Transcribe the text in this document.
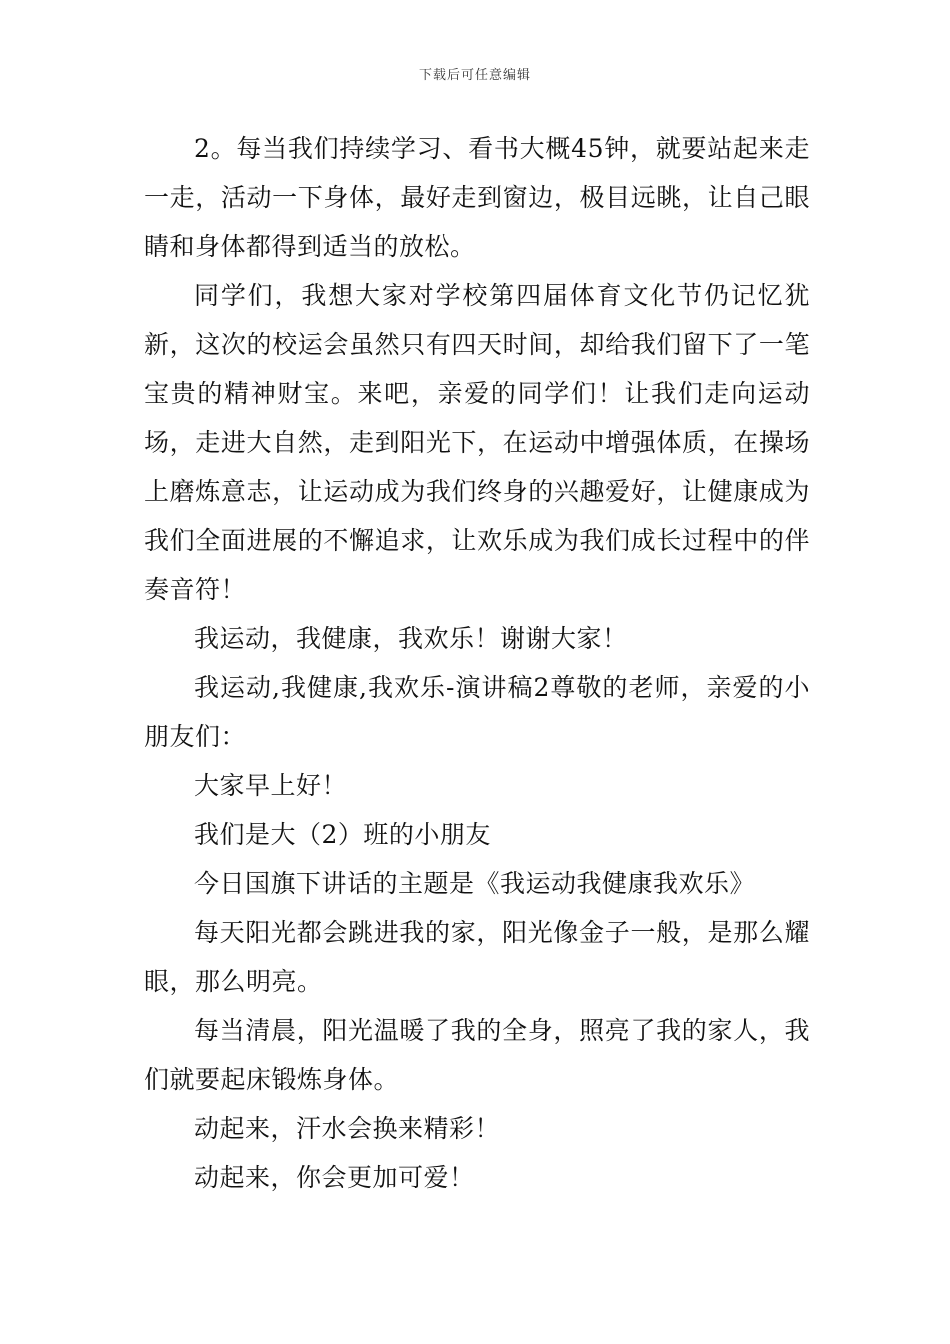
下载后可任意编辑

2。每当我们持续学习、看书大概45钟，就要站起来走一走，活动一下身体，最好走到窗边，极目远眺，让自己眼睛和身体都得到适当的放松。

同学们，我想大家对学校第四届体育文化节仍记忆犹新，这次的校运会虽然只有四天时间，却给我们留下了一笔宝贵的精神财宝。来吧，亲爱的同学们！让我们走向运动场，走进大自然，走到阳光下，在运动中增强体质，在操场上磨炼意志，让运动成为我们终身的兴趣爱好，让健康成为我们全面进展的不懈追求，让欢乐成为我们成长过程中的伴奏音符！

我运动，我健康，我欢乐！谢谢大家！

我运动,我健康,我欢乐-演讲稿2尊敬的老师，亲爱的小朋友们：

大家早上好！

我们是大（2）班的小朋友

今日国旗下讲话的主题是《我运动我健康我欢乐》

每天阳光都会跳进我的家，阳光像金子一般，是那么耀眼，那么明亮。

每当清晨，阳光温暖了我的全身，照亮了我的家人，我们就要起床锻炼身体。

动起来，汗水会换来精彩！

动起来，你会更加可爱！
